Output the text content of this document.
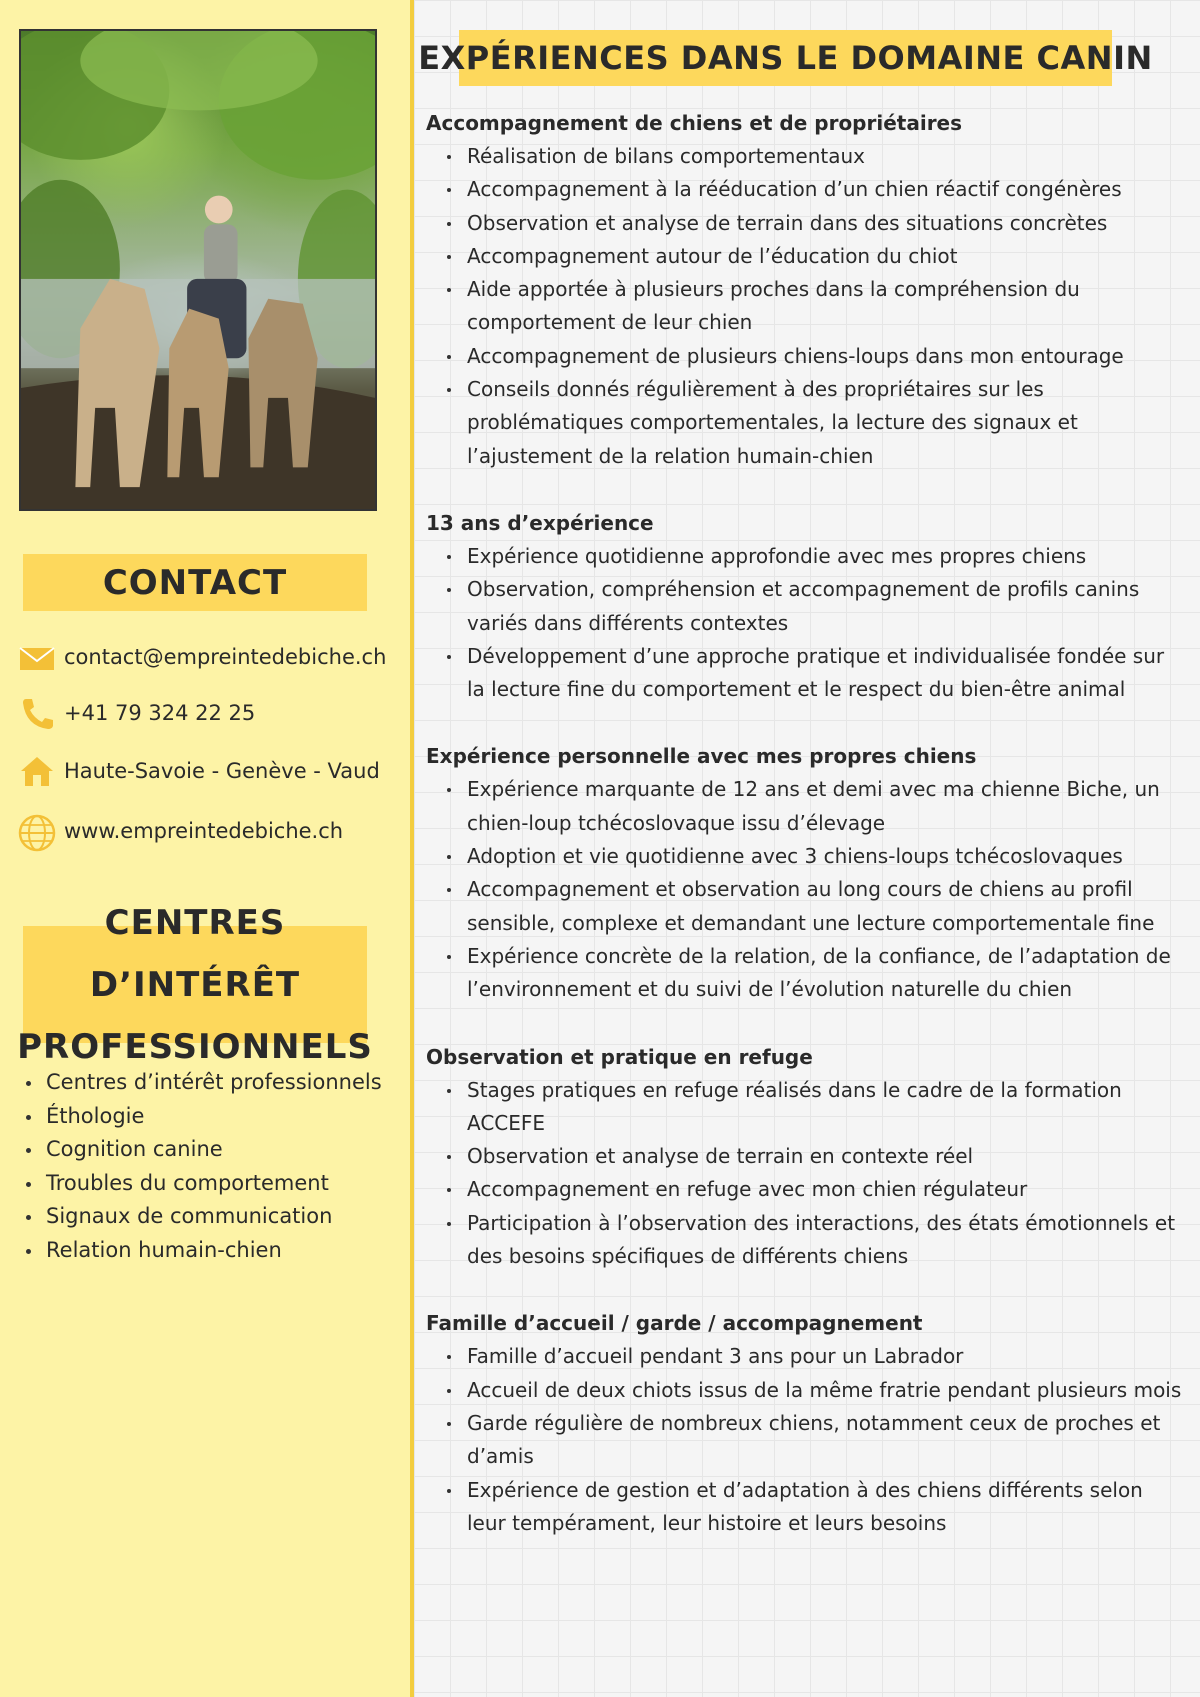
CONTACT
contact@empreintedebiche.ch
+41 79 324 22 25
Haute-Savoie - Genève - Vaud
www.empreintedebiche.ch
CENTRES D’INTÉRÊT
PROFESSIONNELS
Centres d’intérêt professionnels
Éthologie
Cognition canine
Troubles du comportement
Signaux de communication
Relation humain-chien
EXPÉRIENCES DANS LE DOMAINE CANIN

Accompagnement de chiens et de propriétaires

Réalisation de bilans comportementaux
Accompagnement à la rééducation d’un chien réactif congénères
Observation et analyse de terrain dans des situations concrètes
Accompagnement autour de l’éducation du chiot
Aide apportée à plusieurs proches dans la compréhension du comportement de leur chien
Accompagnement de plusieurs chiens-loups dans mon entourage
Conseils donnés régulièrement à des propriétaires sur les problématiques comportementales, la lecture des signaux et l’ajustement de la relation humain-chien

13 ans d’expérience

Expérience quotidienne approfondie avec mes propres chiens
Observation, compréhension et accompagnement de profils canins variés dans différents contextes
Développement d’une approche pratique et individualisée fondée sur la lecture fine du comportement et le respect du bien-être animal

Expérience personnelle avec mes propres chiens

Expérience marquante de 12 ans et demi avec ma chienne Biche, un chien-loup tchécoslovaque issu d’élevage
Adoption et vie quotidienne avec 3 chiens-loups tchécoslovaques
Accompagnement et observation au long cours de chiens au profil sensible, complexe et demandant une lecture comportementale fine
Expérience concrète de la relation, de la confiance, de l’adaptation de l’environnement et du suivi de l’évolution naturelle du chien

Observation et pratique en refuge

Stages pratiques en refuge réalisés dans le cadre de la formation ACCEFE
Observation et analyse de terrain en contexte réel
Accompagnement en refuge avec mon chien régulateur
Participation à l’observation des interactions, des états émotionnels et des besoins spécifiques de différents chiens

Famille d’accueil / garde / accompagnement

Famille d’accueil pendant 3 ans pour un Labrador
Accueil de deux chiots issus de la même fratrie pendant plusieurs mois
Garde régulière de nombreux chiens, notamment ceux de proches et d’amis
Expérience de gestion et d’adaptation à des chiens différents selon leur tempérament, leur histoire et leurs besoins
